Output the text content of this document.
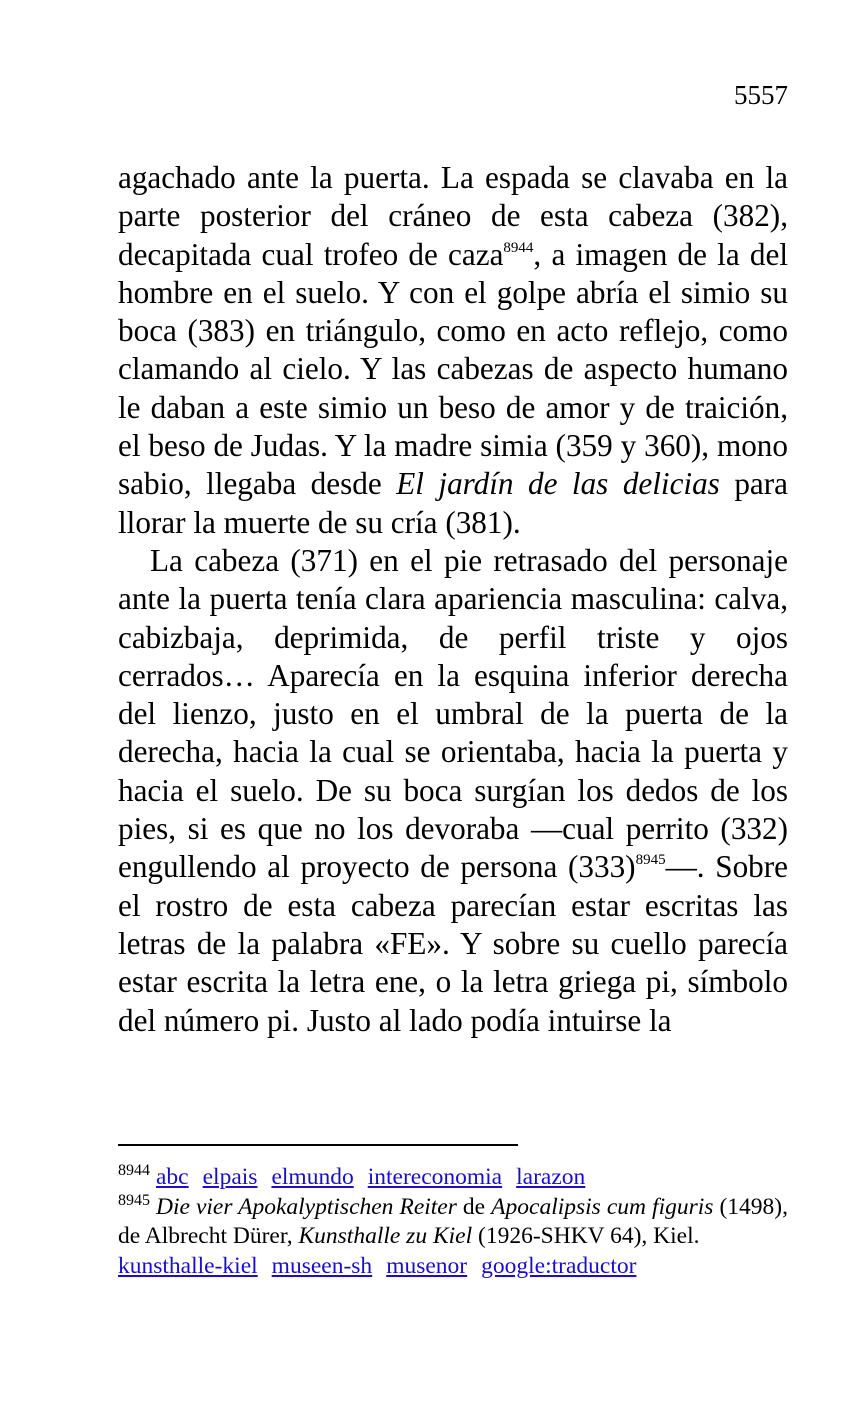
5557

agachado ante la puerta. La espada se clavaba en la parte posterior del cráneo de esta cabeza (382), decapitada cual trofeo de caza$^{8944}$, a imagen de la del hombre en el suelo. Y con el golpe abría el simio su boca (383) en triángulo, como en acto reflejo, como clamando al cielo. Y las cabezas de aspecto humano le daban a este simio un beso de amor y de traición, el beso de Judas. Y la madre simia (359 y 360), mono sabio, llegaba desde El jardín de las delicias para llorar la muerte de su cría (381).

La cabeza (371) en el pie retrasado del personaje ante la puerta tenía clara apariencia masculina: calva, cabizbaja, deprimida, de perfil triste y ojos cerrados… Aparecía en la esquina inferior derecha del lienzo, justo en el umbral de la puerta de la derecha, hacia la cual se orientaba, hacia la puerta y hacia el suelo. De su boca surgían los dedos de los pies, si es que no los devoraba —cual perrito (332) engullendo al proyecto de persona $(333)^{8945}—$. Sobre el rostro de esta cabeza parecían estar escritas las letras de la palabra «FE». Y sobre su cuello parecía estar escrita la letra ene, o la letra griega pi, símbolo del número pi. Justo al lado podía intuirse la

$^{8944}$ abc elpais elmundo intereconomia larazon

$^{8945}$ Die vier Apokalyptischen Reiter de Apocalipsis cum figuris (1498), de Albrecht Dürer, Kunsthalle zu Kiel (1926-SHKV 64), Kiel.

kunsthalle-kiel museen-sh musenor google:traductor
